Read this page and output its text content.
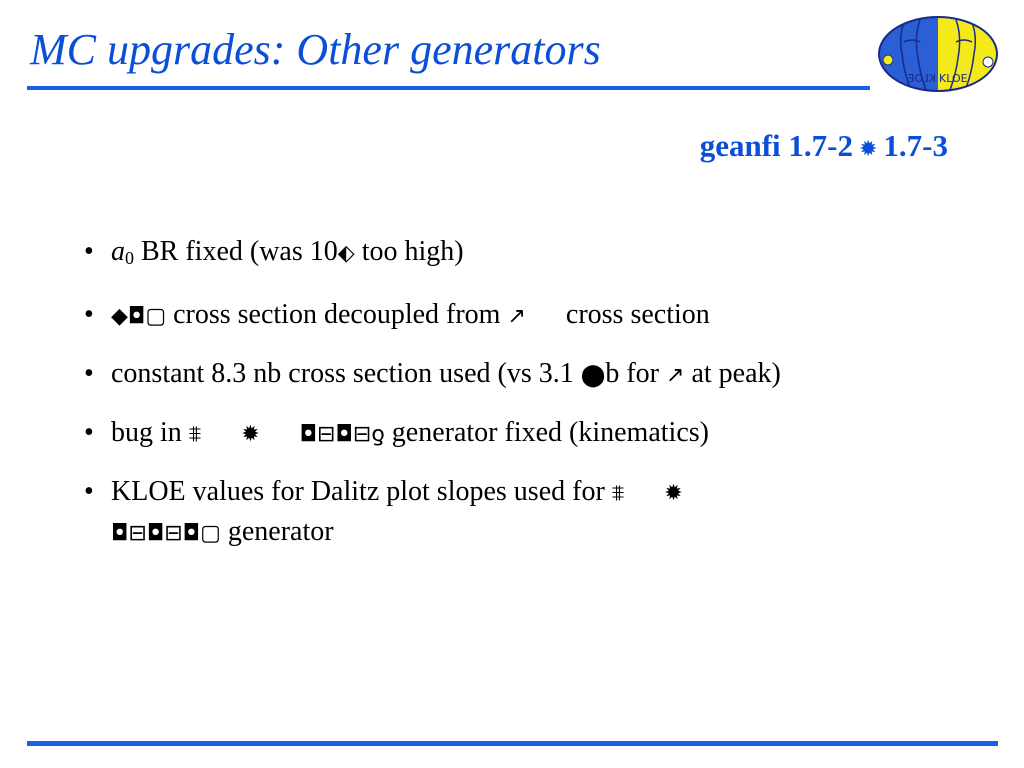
MC upgrades: Other generators
KLOE
KLOE
geanfi 1.7-2 ✹ 1.7-3
• $a_0$ BR fixed (was 10⬖ too high)
• ◆◘▢ cross section decoupled from ↗ cross section
• constant 8.3 nb cross section used (vs 3.1 ⬤b for ↗ at peak)
• bug in ⩨ ✹ ◘⊟◘⊟ƍ generator fixed (kinematics)
• KLOE values for Dalitz plot slopes used for ⩨ ✹
◘⊟◘⊟◘▢ generator
